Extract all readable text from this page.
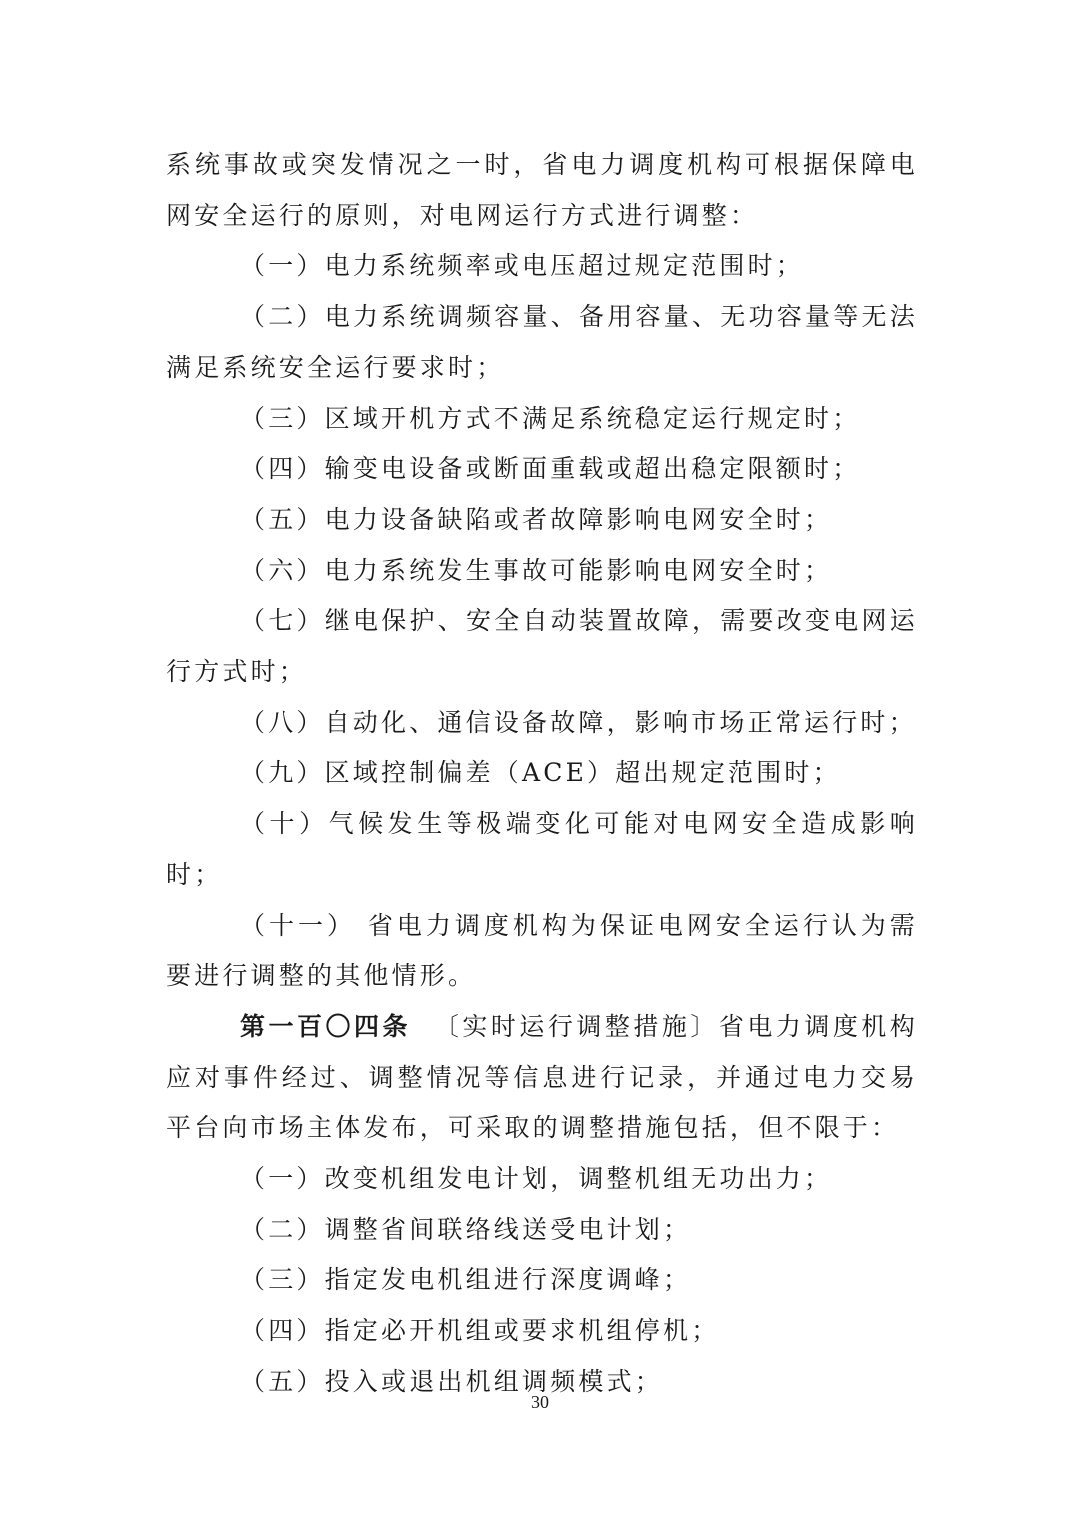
系统事故或突发情况之一时，省电力调度机构可根据保障电网安全运行的原则，对电网运行方式进行调整：

（一）电力系统频率或电压超过规定范围时；

（二）电力系统调频容量、备用容量、无功容量等无法满足系统安全运行要求时；

（三）区域开机方式不满足系统稳定运行规定时；

（四）输变电设备或断面重载或超出稳定限额时；

（五）电力设备缺陷或者故障影响电网安全时；

（六）电力系统发生事故可能影响电网安全时；

（七）继电保护、安全自动装置故障，需要改变电网运行方式时；

（八）自动化、通信设备故障，影响市场正常运行时；

（九）区域控制偏差（ACE）超出规定范围时；

（十）气候发生等极端变化可能对电网安全造成影响时；

（十一） 省电力调度机构为保证电网安全运行认为需要进行调整的其他情形。

第一百〇四条 〔实时运行调整措施〕省电力调度机构应对事件经过、调整情况等信息进行记录，并通过电力交易平台向市场主体发布，可采取的调整措施包括，但不限于：

（一）改变机组发电计划，调整机组无功出力；

（二）调整省间联络线送受电计划；

（三）指定发电机组进行深度调峰；

（四）指定必开机组或要求机组停机；

（五）投入或退出机组调频模式；

30
